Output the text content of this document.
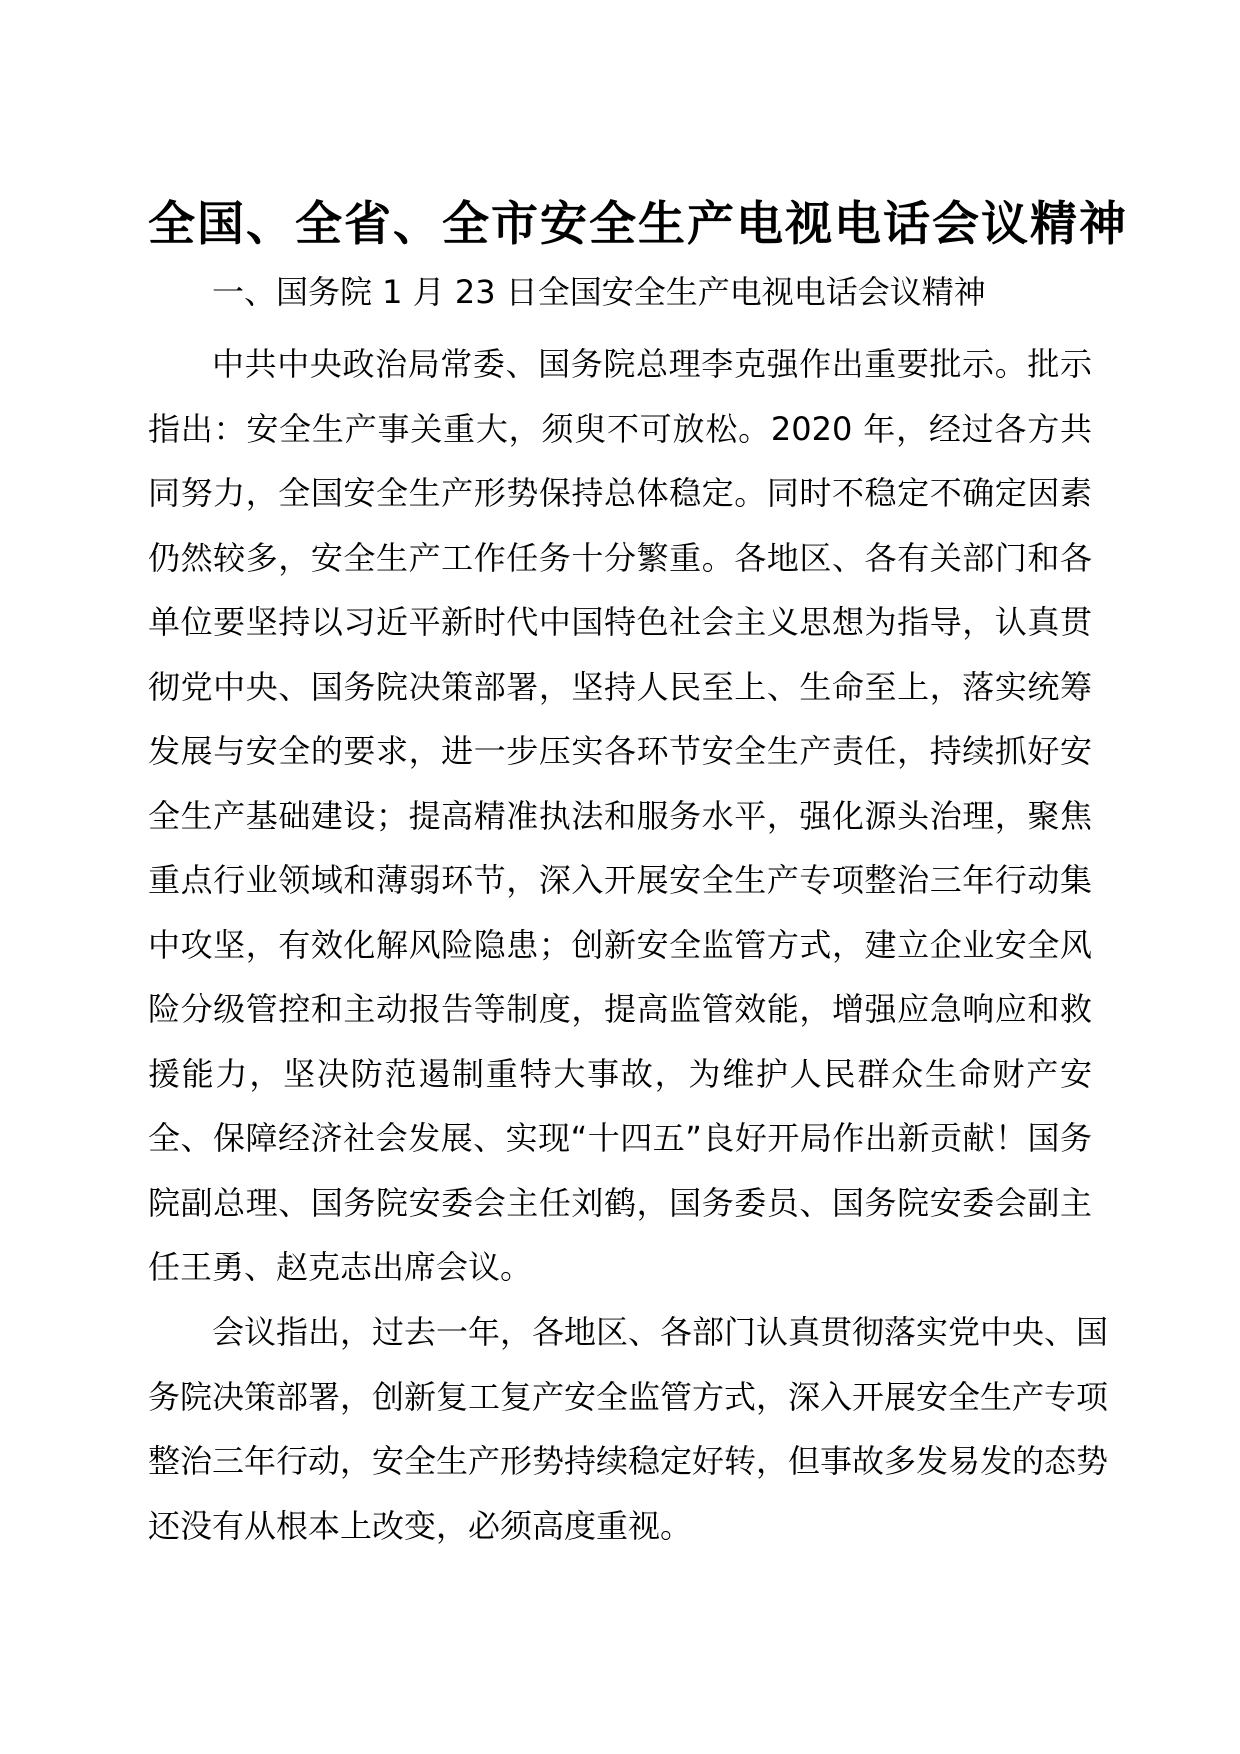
全国、全省、全市安全生产电视电话会议精神

一、国务院 1 月 23 日全国安全生产电视电话会议精神

中共中央政治局常委、国务院总理李克强作出重要批示。批示指出：安全生产事关重大，须臾不可放松。2020 年，经过各方共同努力，全国安全生产形势保持总体稳定。同时不稳定不确定因素仍然较多，安全生产工作任务十分繁重。各地区、各有关部门和各单位要坚持以习近平新时代中国特色社会主义思想为指导，认真贯彻党中央、国务院决策部署，坚持人民至上、生命至上，落实统筹发展与安全的要求，进一步压实各环节安全生产责任，持续抓好安全生产基础建设；提高精准执法和服务水平，强化源头治理，聚焦重点行业领域和薄弱环节，深入开展安全生产专项整治三年行动集中攻坚，有效化解风险隐患；创新安全监管方式，建立企业安全风险分级管控和主动报告等制度，提高监管效能，增强应急响应和救援能力，坚决防范遏制重特大事故，为维护人民群众生命财产安全、保障经济社会发展、实现“十四五”良好开局作出新贡献！国务院副总理、国务院安委会主任刘鹤，国务委员、国务院安委会副主任王勇、赵克志出席会议。

会议指出，过去一年，各地区、各部门认真贯彻落实党中央、国务院决策部署，创新复工复产安全监管方式，深入开展安全生产专项整治三年行动，安全生产形势持续稳定好转，但事故多发易发的态势还没有从根本上改变，必须高度重视。
